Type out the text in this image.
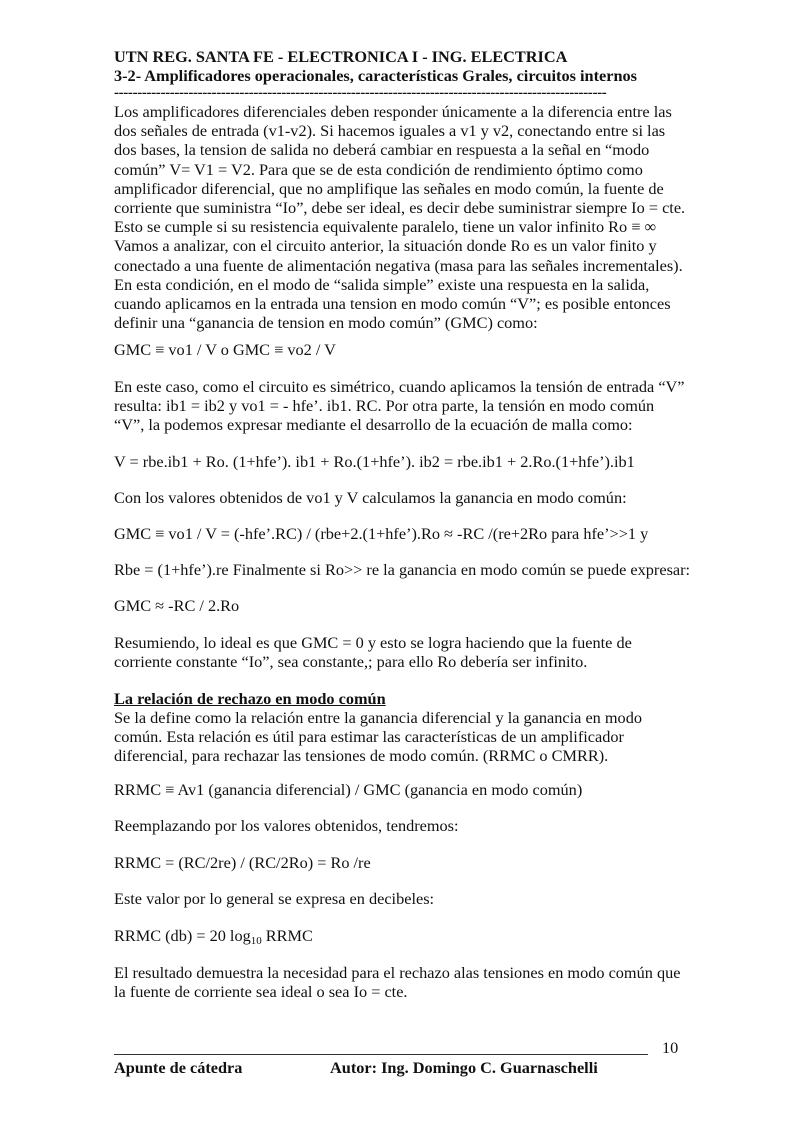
UTN REG. SANTA FE - ELECTRONICA I - ING. ELECTRICA
3-2- Amplificadores operacionales, características Grales, circuitos internos
----------------------------------------------------------------------------------------------------------
Los amplificadores diferenciales deben responder únicamente a la diferencia entre las
dos señales de entrada (v1-v2). Si hacemos iguales a v1 y v2, conectando entre si las
dos bases, la tension de salida no deberá cambiar en respuesta a la señal en “modo
común” V= V1 = V2. Para que se de esta condición de rendimiento óptimo como
amplificador diferencial, que no amplifique las señales en modo común, la fuente de
corriente que suministra “Io”, debe ser ideal, es decir debe suministrar siempre Io = cte.
Esto se cumple si su resistencia equivalente paralelo, tiene un valor infinito Ro ≡ ∞
Vamos a analizar, con el circuito anterior, la situación donde Ro es un valor finito y
conectado a una fuente de alimentación negativa (masa para las señales incrementales).
En esta condición, en el modo de “salida simple” existe una respuesta en la salida,
cuando aplicamos en la entrada una tension en modo común “V”; es posible entonces
definir una “ganancia de tension en modo común” (GMC) como:
GMC ≡ vo1 / V o GMC ≡ vo2 / V
En este caso, como el circuito es simétrico, cuando aplicamos la tensión de entrada “V”
resulta: ib1 = ib2 y vo1 = - hfe’. ib1. RC. Por otra parte, la tensión en modo común
“V”, la podemos expresar mediante el desarrollo de la ecuación de malla como:
V = rbe.ib1 + Ro. (1+hfe’). ib1 + Ro.(1+hfe’). ib2 = rbe.ib1 + 2.Ro.(1+hfe’).ib1
Con los valores obtenidos de vo1 y V calculamos la ganancia en modo común:
GMC ≡ vo1 / V = (-hfe’.RC) / (rbe+2.(1+hfe’).Ro ≈ -RC /(re+2Ro para hfe’>>1 y
Rbe = (1+hfe’).re Finalmente si Ro>> re la ganancia en modo común se puede expresar:
GMC ≈ -RC / 2.Ro
Resumiendo, lo ideal es que GMC = 0 y esto se logra haciendo que la fuente de
corriente constante “Io”, sea constante,; para ello Ro debería ser infinito.
La relación de rechazo en modo común
Se la define como la relación entre la ganancia diferencial y la ganancia en modo
común. Esta relación es útil para estimar las características de un amplificador
diferencial, para rechazar las tensiones de modo común. (RRMC o CMRR).
RRMC ≡ Av1 (ganancia diferencial) / GMC (ganancia en modo común)
Reemplazando por los valores obtenidos, tendremos:
RRMC = (RC/2re) / (RC/2Ro) = Ro /re
Este valor por lo general se expresa en decibeles:
RRMC (db) = 20 $\log_{10}$ RRMC
El resultado demuestra la necesidad para el rechazo alas tensiones en modo común que
la fuente de corriente sea ideal o sea Io = cte.
10
Apunte de cátedra	Autor: Ing. Domingo C. Guarnaschelli
